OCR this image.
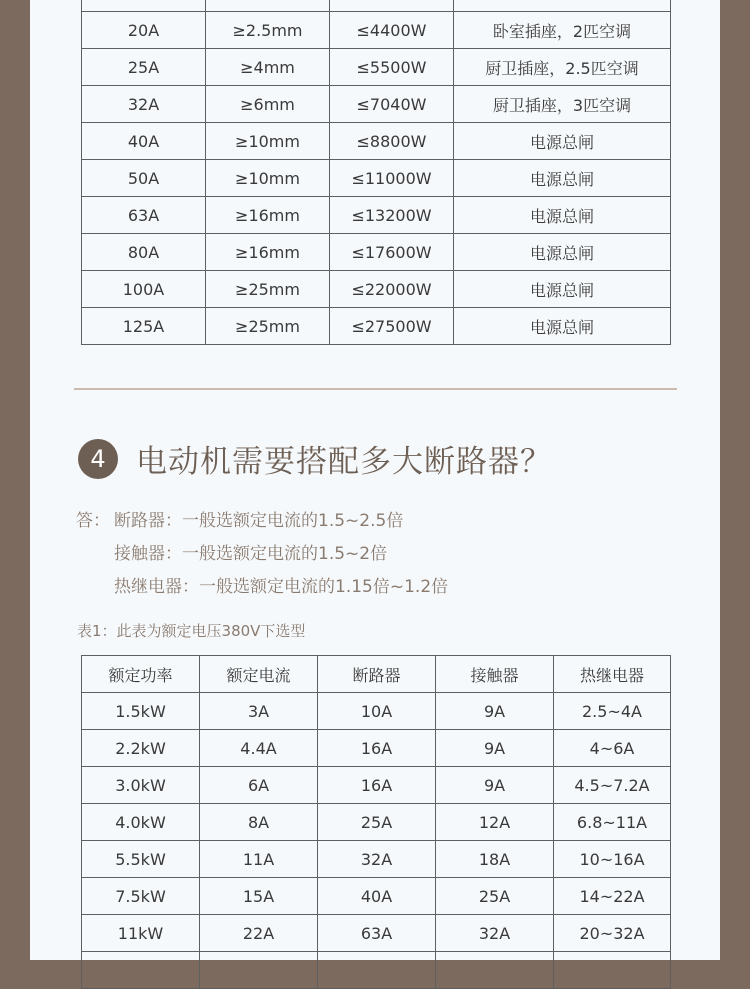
20A	≥2.5mm	≤4400W	卧室插座，2匹空调
25A	≥4mm	≤5500W	厨卫插座，2.5匹空调
32A	≥6mm	≤7040W	厨卫插座，3匹空调
40A	≥10mm	≤8800W	电源总闸
50A	≥10mm	≤11000W	电源总闸
63A	≥16mm	≤13200W	电源总闸
80A	≥16mm	≤17600W	电源总闸
100A	≥25mm	≤22000W	电源总闸
125A	≥25mm	≤27500W	电源总闸
4 电动机需要搭配多大断路器？
答： 断路器：一般选额定电流的1.5~2.5倍
接触器：一般选额定电流的1.5~2倍
热继电器：一般选额定电流的1.15倍~1.2倍
表1：此表为额定电压380V下选型
额定功率	额定电流	断路器	接触器	热继电器
1.5kW	3A	10A	9A	2.5~4A
2.2kW	4.4A	16A	9A	4~6A
3.0kW	6A	16A	9A	4.5~7.2A
4.0kW	8A	25A	12A	6.8~11A
5.5kW	11A	32A	18A	10~16A
7.5kW	15A	40A	25A	14~22A
11kW	22A	63A	32A	20~32A
